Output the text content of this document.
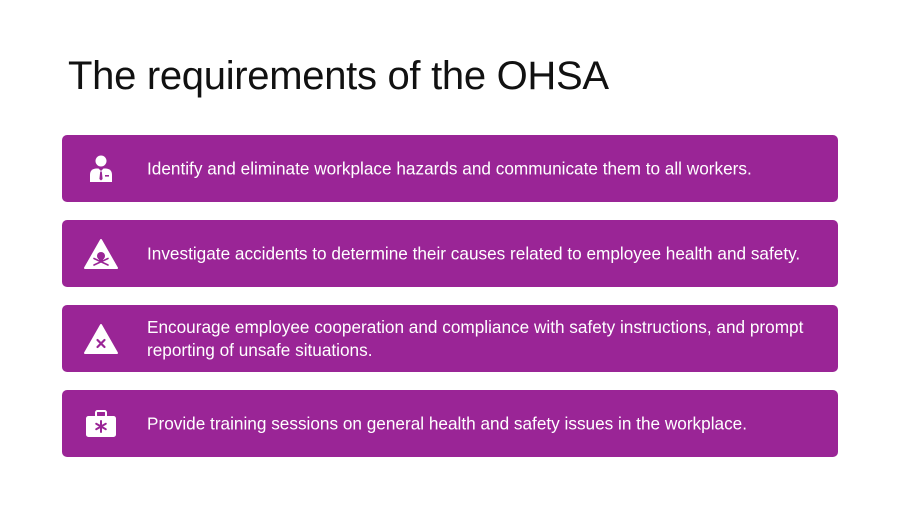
The requirements of the OHSA
Identify and eliminate workplace hazards and communicate them to all workers.
Investigate accidents to determine their causes related to employee health and safety.
Encourage employee cooperation and compliance with safety instructions, and prompt reporting of unsafe situations.
Provide training sessions on general health and safety issues in the workplace.
